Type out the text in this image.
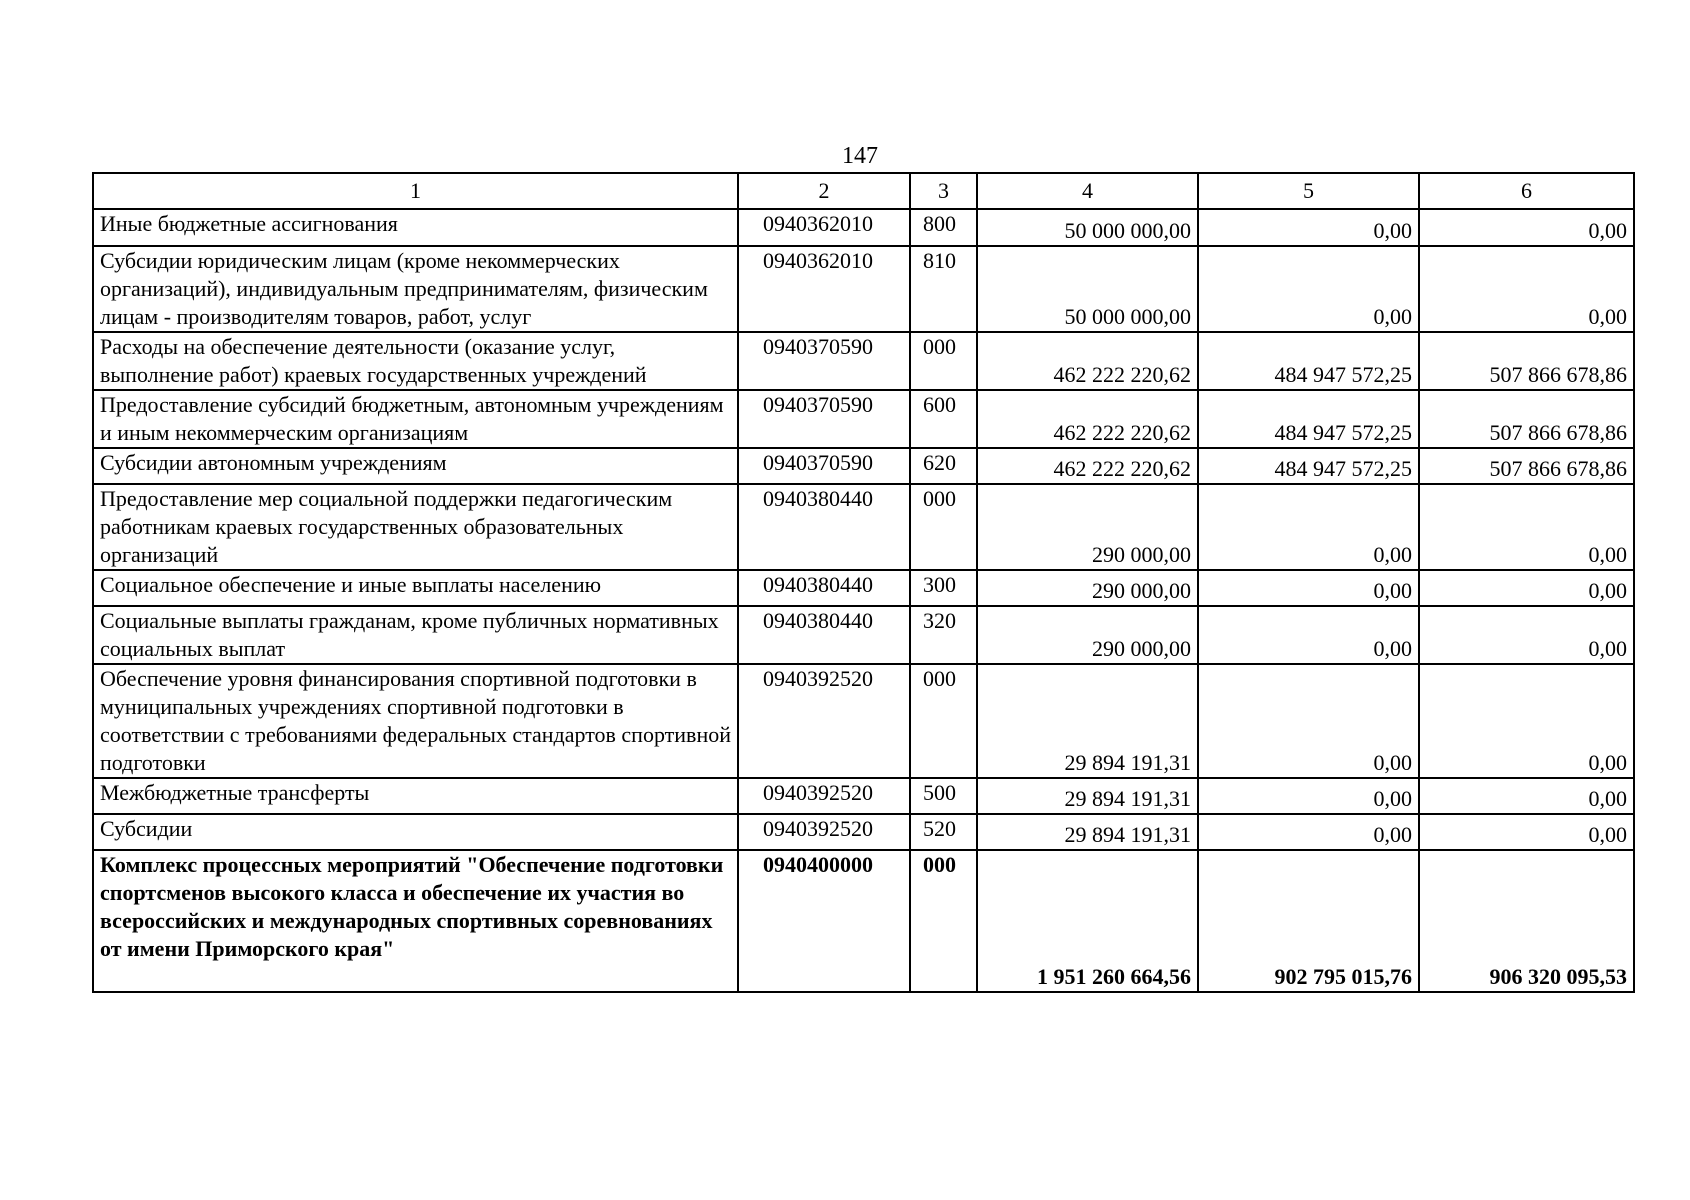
147
1	2	3	4	5	6
Иные бюджетные ассигнования	0940362010	800	50 000 000,00	0,00	0,00
Субсидии юридическим лицам (кроме некоммерческих организаций), индивидуальным предпринимателям, физическим лицам - производителям товаров, работ, услуг	0940362010	810	50 000 000,00	0,00	0,00
Расходы на обеспечение деятельности (оказание услуг, выполнение работ) краевых государственных учреждений	0940370590	000	462 222 220,62	484 947 572,25	507 866 678,86
Предоставление субсидий бюджетным, автономным учреждениям и иным некоммерческим организациям	0940370590	600	462 222 220,62	484 947 572,25	507 866 678,86
Субсидии автономным учреждениям	0940370590	620	462 222 220,62	484 947 572,25	507 866 678,86
Предоставление мер социальной поддержки педагогическим работникам краевых государственных образовательных организаций	0940380440	000	290 000,00	0,00	0,00
Социальное обеспечение и иные выплаты населению	0940380440	300	290 000,00	0,00	0,00
Социальные выплаты гражданам, кроме публичных нормативных социальных выплат	0940380440	320	290 000,00	0,00	0,00
Обеспечение уровня финансирования спортивной подготовки в муниципальных учреждениях спортивной подготовки в соответствии с требованиями федеральных стандартов спортивной подготовки	0940392520	000	29 894 191,31	0,00	0,00
Межбюджетные трансферты	0940392520	500	29 894 191,31	0,00	0,00
Субсидии	0940392520	520	29 894 191,31	0,00	0,00
Комплекс процессных мероприятий "Обеспечение подготовки спортсменов высокого класса и обеспечение их участия во всероссийских и международных спортивных соревнованиях от имени Приморского края"	0940400000	000	1 951 260 664,56	902 795 015,76	906 320 095,53
